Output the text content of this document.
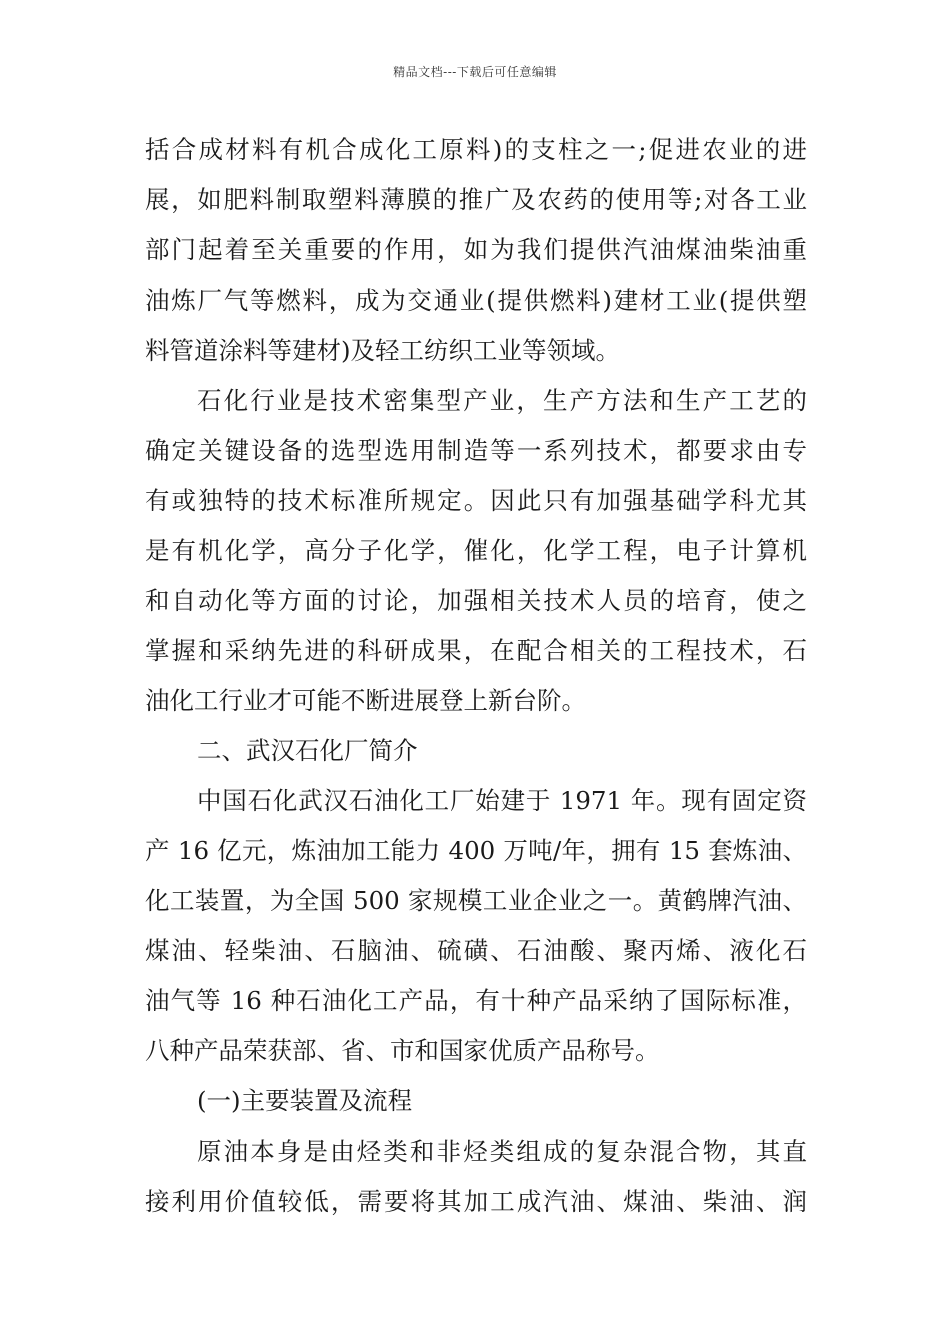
精品文档---下载后可任意编辑
括合成材料有机合成化工原料)的支柱之一;促进农业的进
展，如肥料制取塑料薄膜的推广及农药的使用等;对各工业
部门起着至关重要的作用，如为我们提供汽油煤油柴油重
油炼厂气等燃料，成为交通业(提供燃料)建材工业(提供塑
料管道涂料等建材)及轻工纺织工业等领域。
石化行业是技术密集型产业，生产方法和生产工艺的
确定关键设备的选型选用制造等一系列技术，都要求由专
有或独特的技术标准所规定。因此只有加强基础学科尤其
是有机化学，高分子化学，催化，化学工程，电子计算机
和自动化等方面的讨论，加强相关技术人员的培育，使之
掌握和采纳先进的科研成果，在配合相关的工程技术，石
油化工行业才可能不断进展登上新台阶。
二、武汉石化厂简介
中国石化武汉石油化工厂始建于 1971 年。现有固定资
产 16 亿元，炼油加工能力 400 万吨/年，拥有 15 套炼油、
化工装置，为全国 500 家规模工业企业之一。黄鹤牌汽油、
煤油、轻柴油、石脑油、硫磺、石油酸、聚丙烯、液化石
油气等 16 种石油化工产品，有十种产品采纳了国际标准，
八种产品荣获部、省、市和国家优质产品称号。
(一)主要装置及流程
原油本身是由烃类和非烃类组成的复杂混合物，其直
接利用价值较低，需要将其加工成汽油、煤油、柴油、润
